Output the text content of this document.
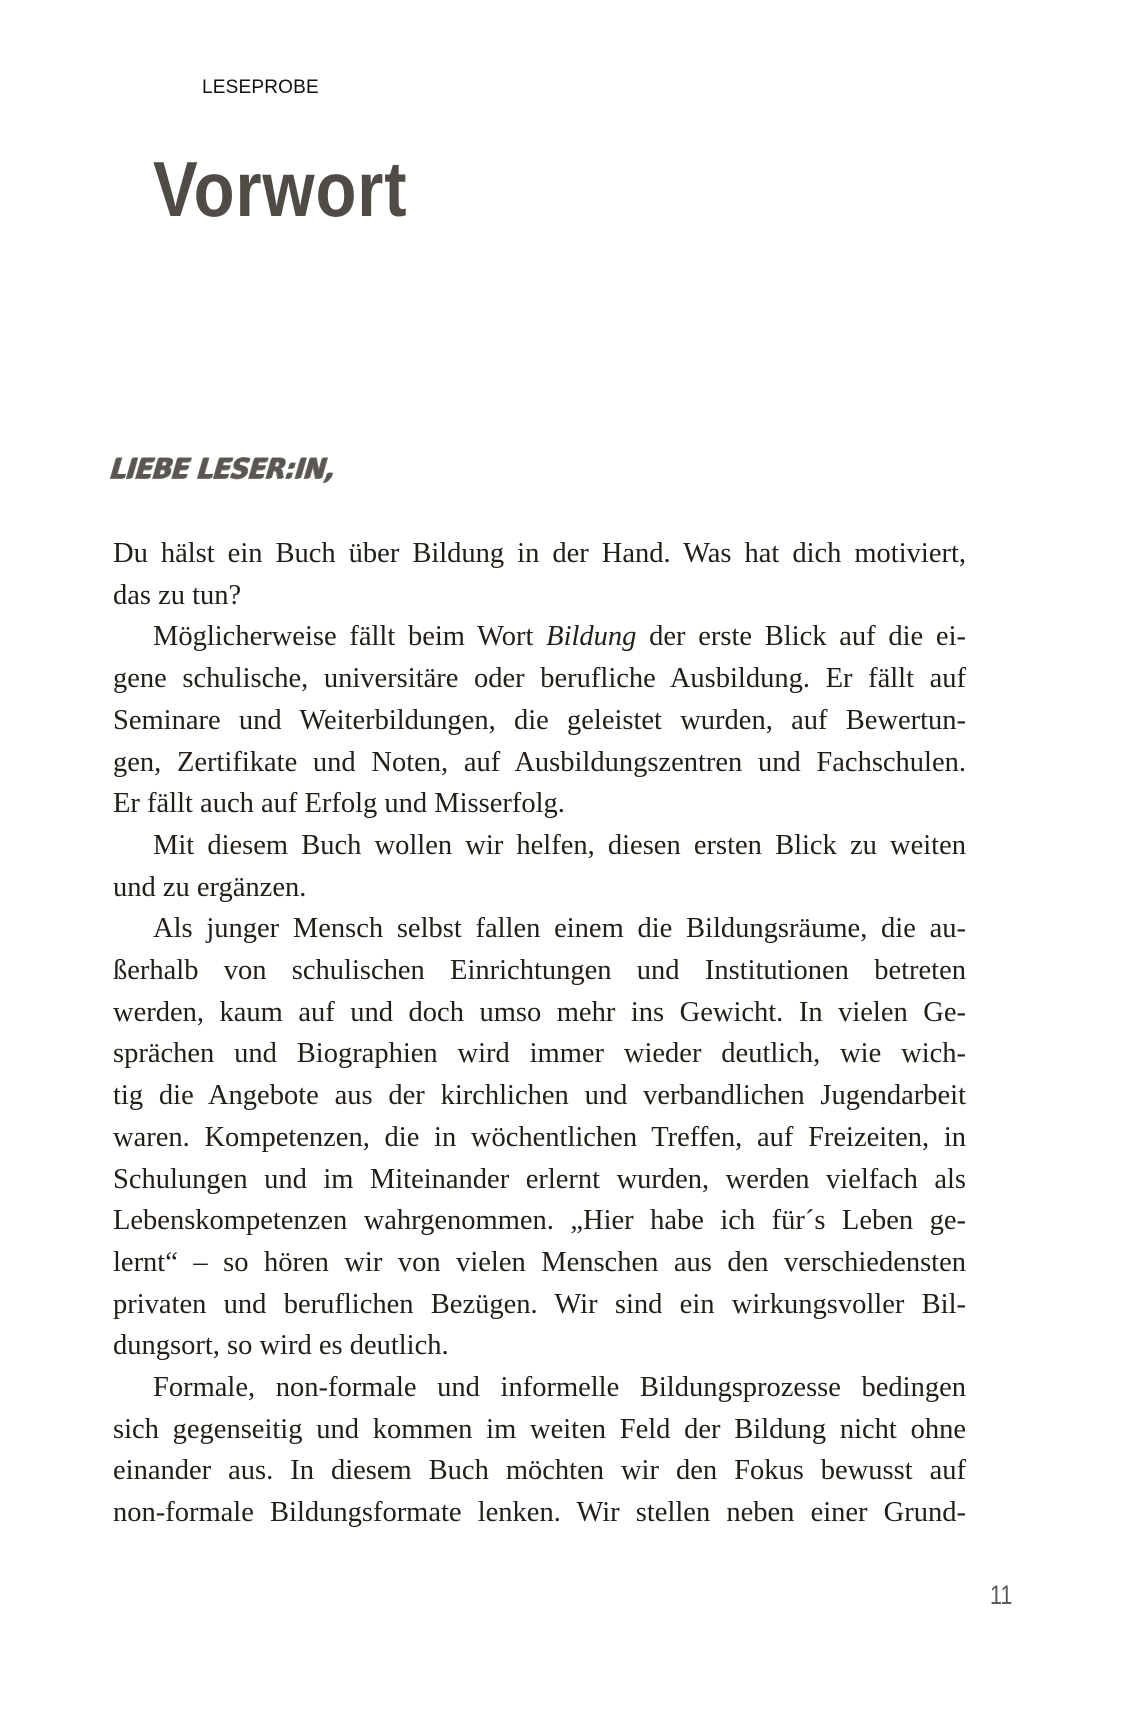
LESEPROBE
Vorwort
LIEBE LESER:IN,

Du hälst ein Buch über Bildung in der Hand. Was hat dich motiviert,
das zu tun?

Möglicherweise fällt beim Wort Bildung der erste Blick auf die ei-
gene schulische, universitäre oder berufliche Ausbildung. Er fällt auf
Seminare und Weiterbildungen, die geleistet wurden, auf Bewertun-
gen, Zertifikate und Noten, auf Ausbildungszentren und Fachschulen.
Er fällt auch auf Erfolg und Misserfolg.

Mit diesem Buch wollen wir helfen, diesen ersten Blick zu weiten
und zu ergänzen.

Als junger Mensch selbst fallen einem die Bildungsräume, die au-
ßerhalb von schulischen Einrichtungen und Institutionen betreten
werden, kaum auf und doch umso mehr ins Gewicht. In vielen Ge-
sprächen und Biographien wird immer wieder deutlich, wie wich-
tig die Angebote aus der kirchlichen und verbandlichen Jugendarbeit
waren. Kompetenzen, die in wöchentlichen Treffen, auf Freizeiten, in
Schulungen und im Miteinander erlernt wurden, werden vielfach als
Lebenskompetenzen wahrgenommen. „Hier habe ich für´s Leben ge-
lernt“ – so hören wir von vielen Menschen aus den verschiedensten
privaten und beruflichen Bezügen. Wir sind ein wirkungsvoller Bil-
dungsort, so wird es deutlich.

Formale, non-formale und informelle Bildungsprozesse bedingen
sich gegenseitig und kommen im weiten Feld der Bildung nicht ohne
einander aus. In diesem Buch möchten wir den Fokus bewusst auf
non-formale Bildungsformate lenken. Wir stellen neben einer Grund-

11
